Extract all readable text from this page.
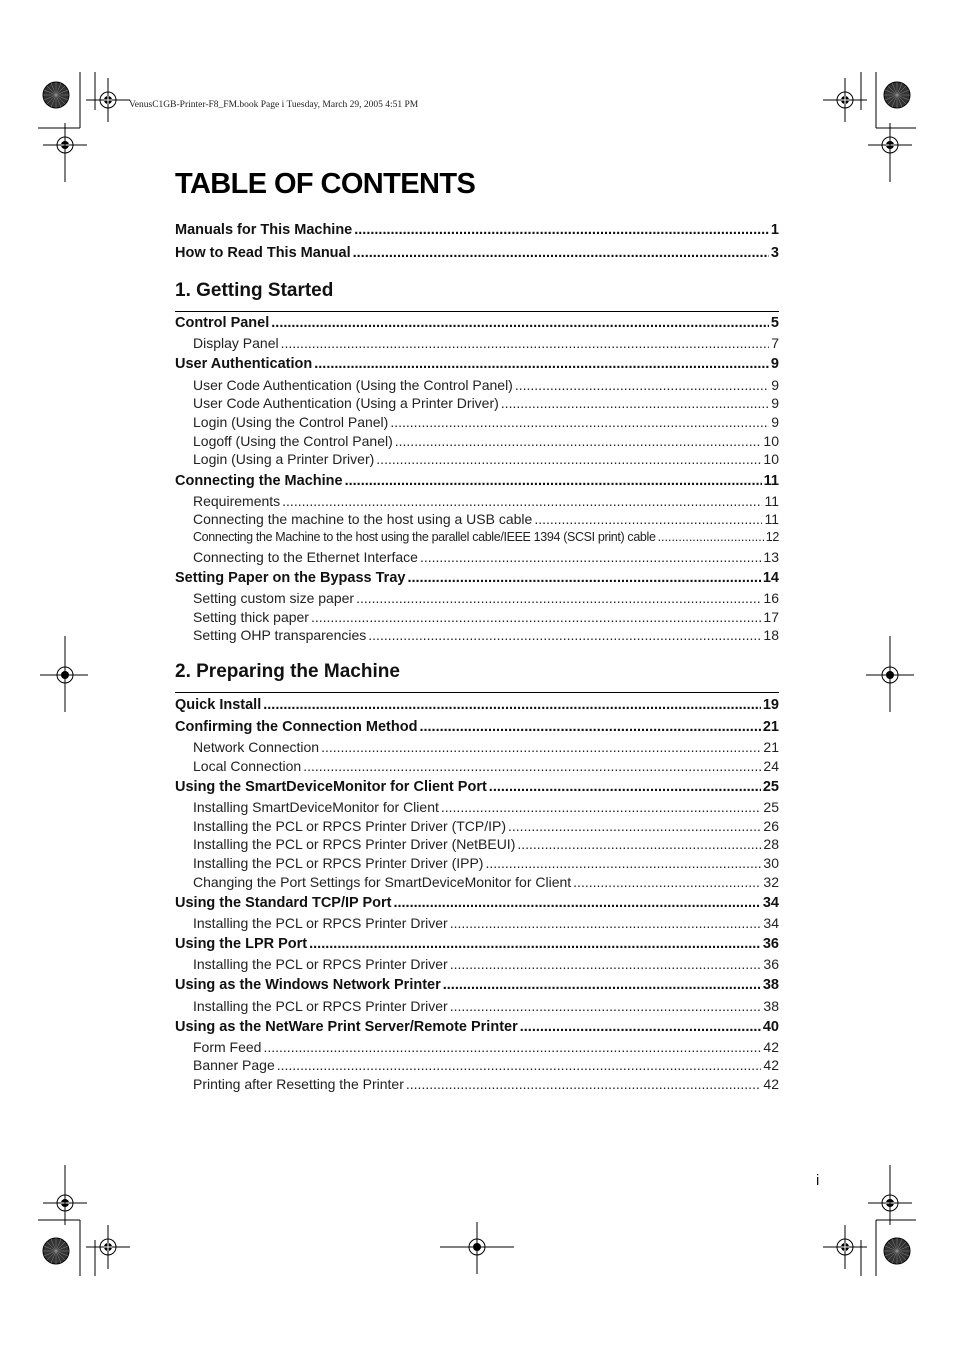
VenusC1GB-Printer-F8_FM.book Page i Tuesday, March 29, 2005 4:51 PM
TABLE OF CONTENTS
Manuals for This Machine .....	1
How to Read This Manual .....	3
1. Getting Started
Control Panel .....	5
Display Panel .....	7
User Authentication .....	9
User Code Authentication (Using the Control Panel) .....	9
User Code Authentication (Using a Printer Driver) .....	9
Login (Using the Control Panel) .....	9
Logoff (Using the Control Panel) .....	10
Login (Using a Printer Driver) .....	10
Connecting the Machine .....	11
Requirements .....	11
Connecting the machine to the host using a USB cable .....	11
Connecting the Machine to the host using the parallel cable/IEEE 1394 (SCSI print) cable .....	12
Connecting to the Ethernet Interface .....	13
Setting Paper on the Bypass Tray .....	14
Setting custom size paper .....	16
Setting thick paper .....	17
Setting OHP transparencies .....	18
2. Preparing the Machine
Quick Install .....	19
Confirming the Connection Method .....	21
Network Connection .....	21
Local Connection .....	24
Using the SmartDeviceMonitor for Client Port .....	25
Installing SmartDeviceMonitor for Client .....	25
Installing the PCL or RPCS Printer Driver (TCP/IP) .....	26
Installing the PCL or RPCS Printer Driver (NetBEUI) .....	28
Installing the PCL or RPCS Printer Driver (IPP) .....	30
Changing the Port Settings for SmartDeviceMonitor for Client .....	32
Using the Standard TCP/IP Port .....	34
Installing the PCL or RPCS Printer Driver .....	34
Using the LPR Port .....	36
Installing the PCL or RPCS Printer Driver .....	36
Using as the Windows Network Printer .....	38
Installing the PCL or RPCS Printer Driver .....	38
Using as the NetWare Print Server/Remote Printer .....	40
Form Feed .....	42
Banner Page .....	42
Printing after Resetting the Printer .....	42
i
